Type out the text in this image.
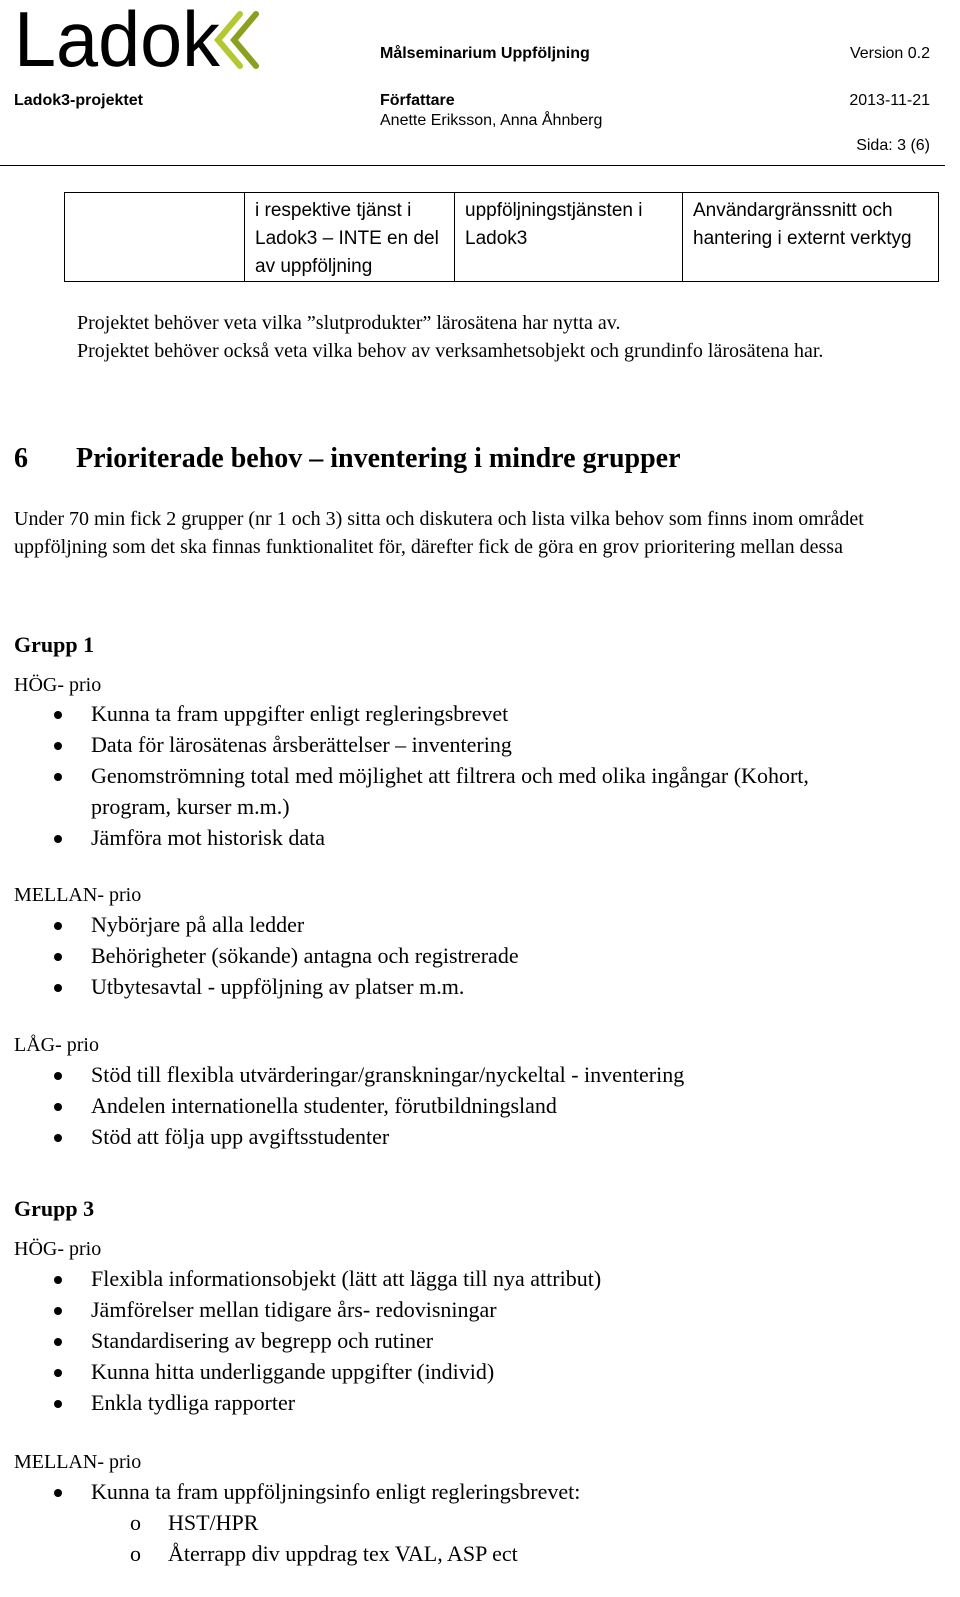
Ladok	Målseminarium Uppföljning	Version 0.2
Ladok3-projektet	Författare
Anette Eriksson, Anna Åhnberg
2013-11-21
Sida: 3 (6)
	i respektive tjänst i Ladok3 – INTE en del av uppföljning	uppföljningstjänsten i Ladok3	Användargränssnitt och hantering i externt verktyg
Projektet behöver veta vilka ”slutprodukter” lärosätena har nytta av.
Projektet behöver också veta vilka behov av verksamhetsobjekt och grundinfo lärosätena har.
6 Prioriterade behov – inventering i mindre grupper
Under 70 min fick 2 grupper (nr 1 och 3) sitta och diskutera och lista vilka behov som finns inom området uppföljning som det ska finnas funktionalitet för, därefter fick de göra en grov prioritering mellan dessa
Grupp 1
HÖG- prio
Kunna ta fram uppgifter enligt regleringsbrevet
Data för lärosätenas årsberättelser – inventering
Genomströmning total med möjlighet att filtrera och med olika ingångar (Kohort, program, kurser m.m.)
Jämföra mot historisk data
MELLAN- prio
Nybörjare på alla ledder
Behörigheter (sökande) antagna och registrerade
Utbytesavtal - uppföljning av platser m.m.
LÅG- prio
Stöd till flexibla utvärderingar/granskningar/nyckeltal - inventering
Andelen internationella studenter, förutbildningsland
Stöd att följa upp avgiftsstudenter
Grupp 3
HÖG- prio
Flexibla informationsobjekt (lätt att lägga till nya attribut)
Jämförelser mellan tidigare års- redovisningar
Standardisering av begrepp och rutiner
Kunna hitta underliggande uppgifter (individ)
Enkla tydliga rapporter
MELLAN- prio
Kunna ta fram uppföljningsinfo enligt regleringsbrevet:
o HST/HPR
o Återrapp div uppdrag tex VAL, ASP ect
